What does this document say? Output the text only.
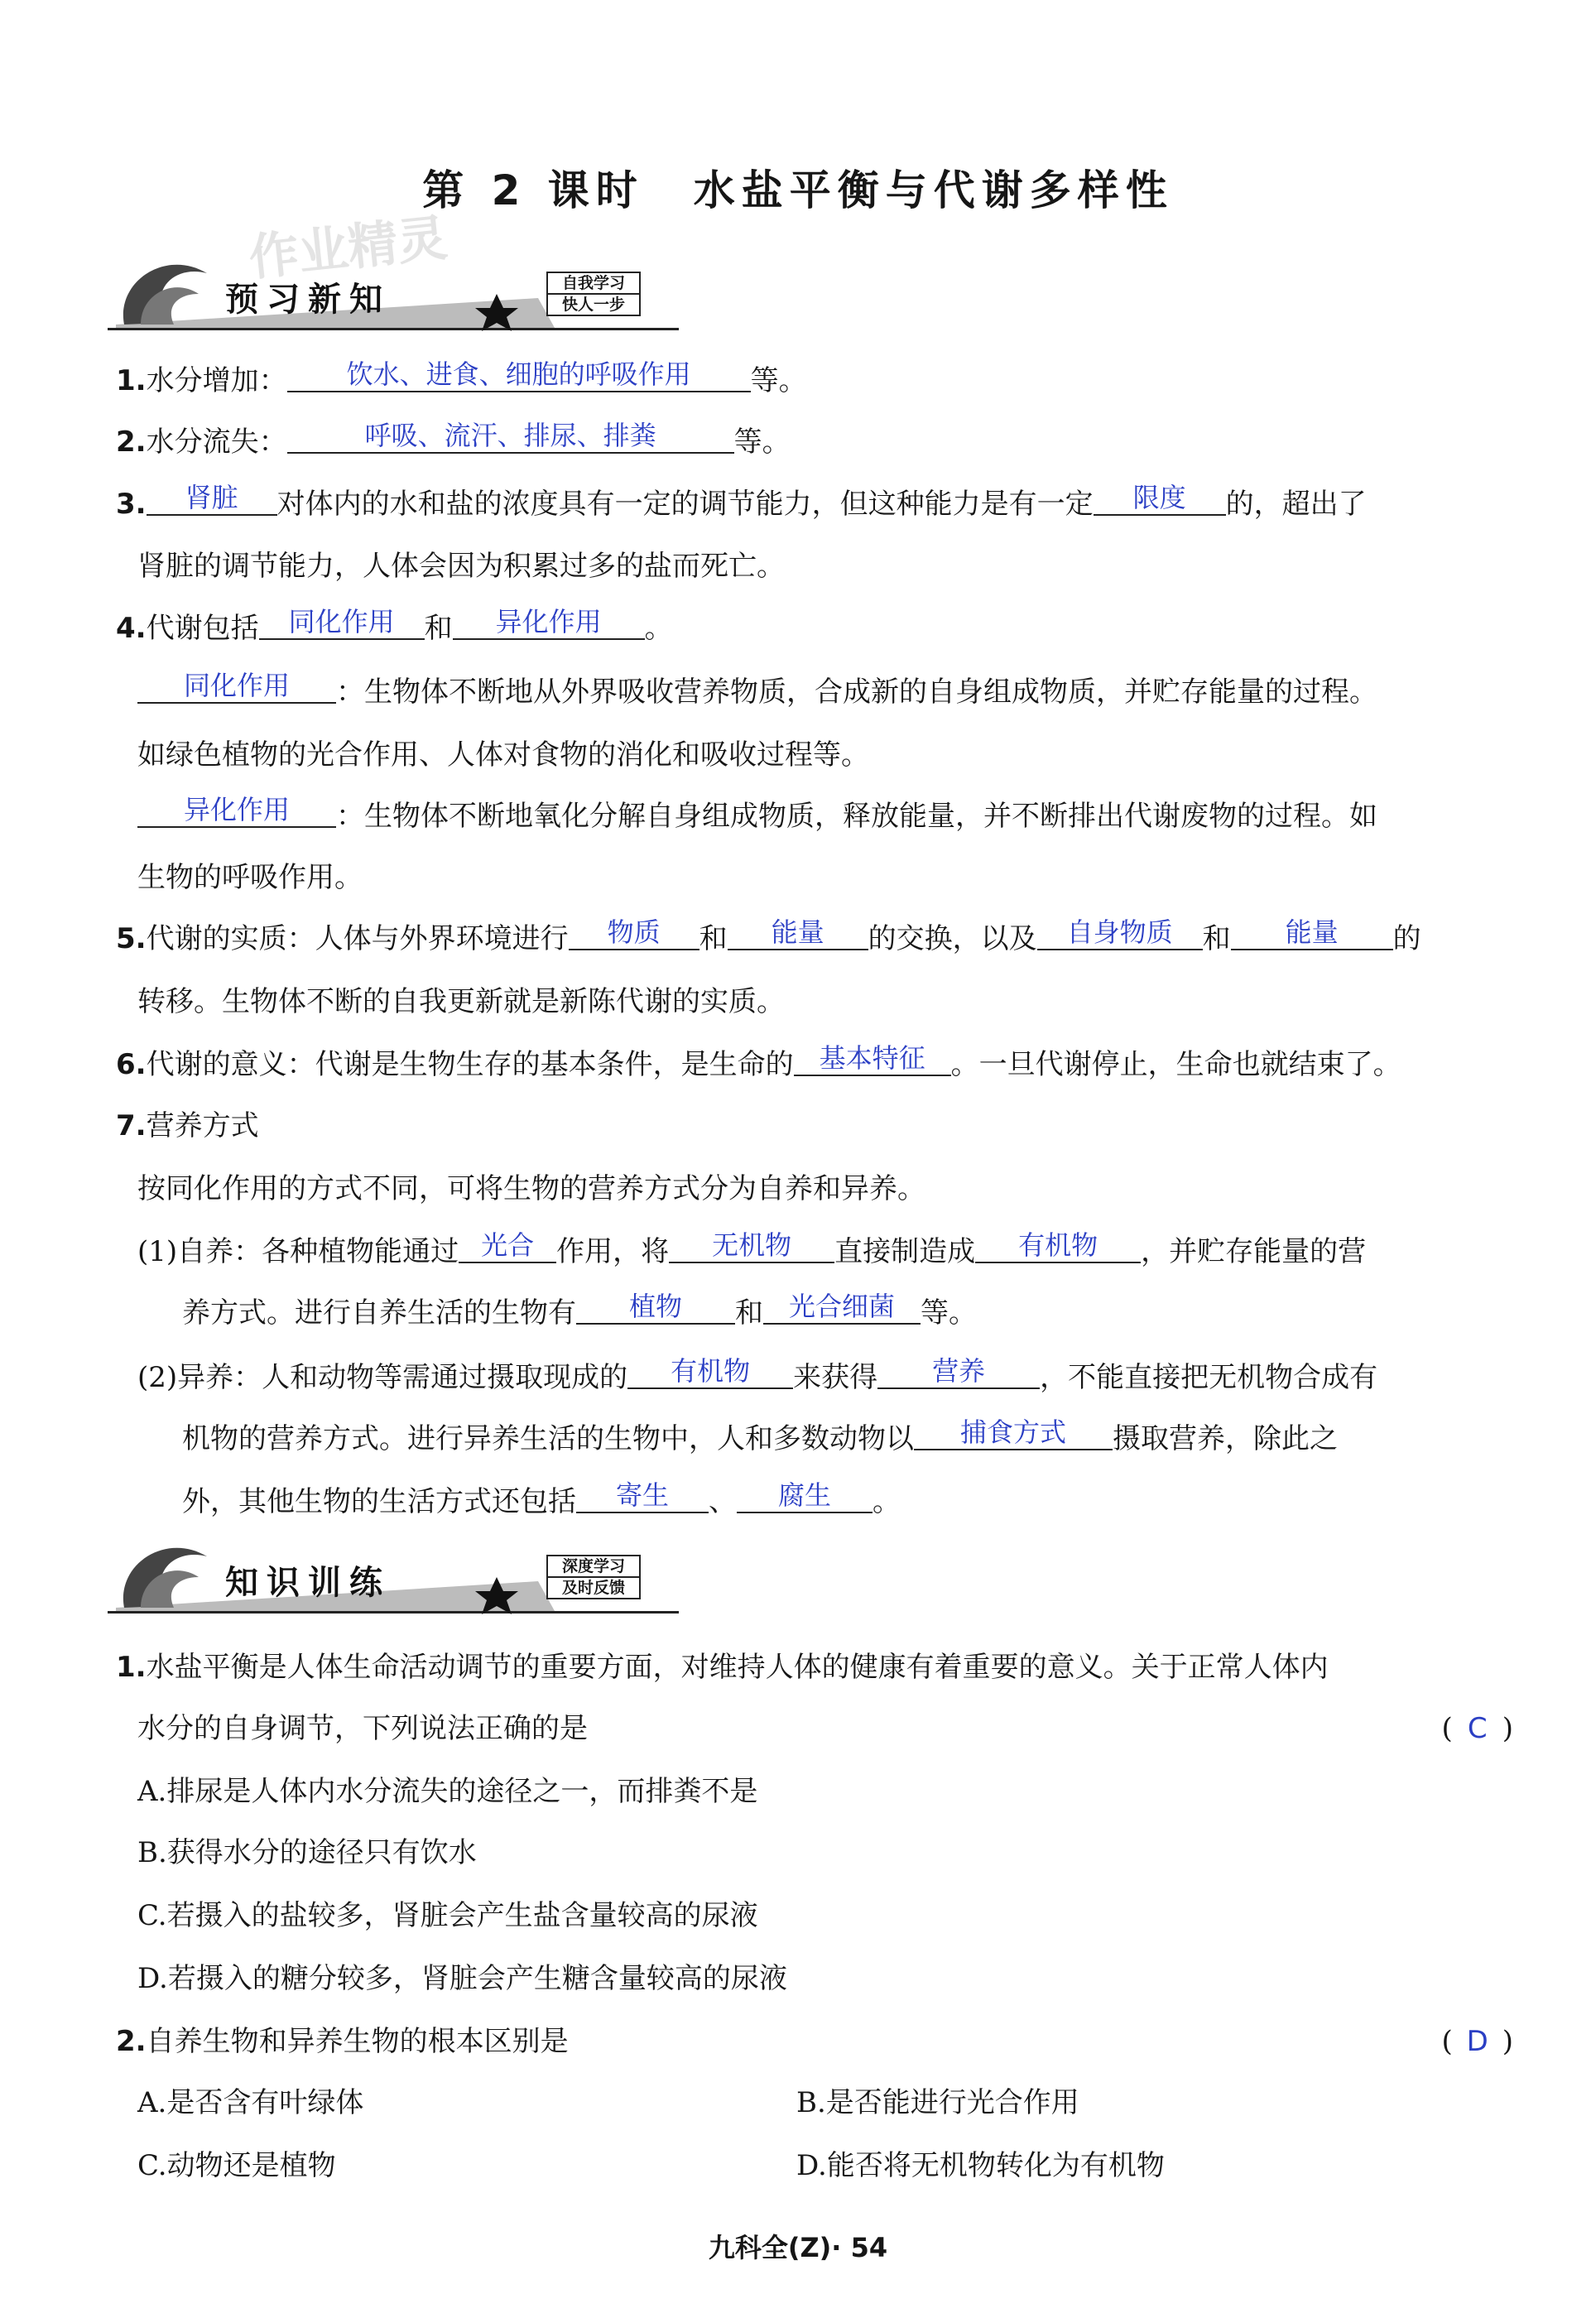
第 2 课时 水盐平衡与代谢多样性
作业精灵
预习新知	自我学习
快人一步
1.水分增加： 饮水、进食、细胞的呼吸作用 等。
2.水分流失：	呼吸、流汗、排尿、排粪	等。
3. 肾脏 对体内的水和盐的浓度具有一定的调节能力，但这种能力是有一定 限度 的，超出了
肾脏的调节能力，人体会因为积累过多的盐而死亡。
4.代谢包括 同化作用 和 异化作用 。
同化作用 ：生物体不断地从外界吸收营养物质，合成新的自身组成物质，并贮存能量的过程。
如绿色植物的光合作用、人体对食物的消化和吸收过程等。
异化作用 ：生物体不断地氧化分解自身组成物质，释放能量，并不断排出代谢废物的过程。如
生物的呼吸作用。
5.代谢的实质：人体与外界环境进行 物质 和 能量 的交换，以及 自身物质 和 能量 的
转移。生物体不断的自我更新就是新陈代谢的实质。
6.代谢的意义：代谢是生物生存的基本条件，是生命的 基本特征 。一旦代谢停止，生命也就结束了。
7.营养方式
按同化作用的方式不同，可将生物的营养方式分为自养和异养。
(1)自养：各种植物能通过 光合 作用，将 无机物 直接制造成 有机物 ，并贮存能量的营
养方式。进行自养生活的生物有 植物 和 光合细菌 等。
(2)异养：人和动物等需通过摄取现成的 有机物 来获得 营养 ，不能直接把无机物合成有
机物的营养方式。进行异养生活的生物中，人和多数动物以 捕食方式 摄取营养，除此之
外，其他生物的生活方式还包括 寄生 、 腐生 。
知识训练	深度学习
及时反馈
1.水盐平衡是人体生命活动调节的重要方面，对维持人体的健康有着重要的意义。关于正常人体内
水分的自身调节，下列说法正确的是	( C )
A.排尿是人体内水分流失的途径之一，而排粪不是
B.获得水分的途径只有饮水
C.若摄入的盐较多，肾脏会产生盐含量较高的尿液
D.若摄入的糖分较多，肾脏会产生糖含量较高的尿液
2.自养生物和异养生物的根本区别是	( D )
A.是否含有叶绿体	B.是否能进行光合作用
C.动物还是植物	D.能否将无机物转化为有机物
九科全(Z)· 54
